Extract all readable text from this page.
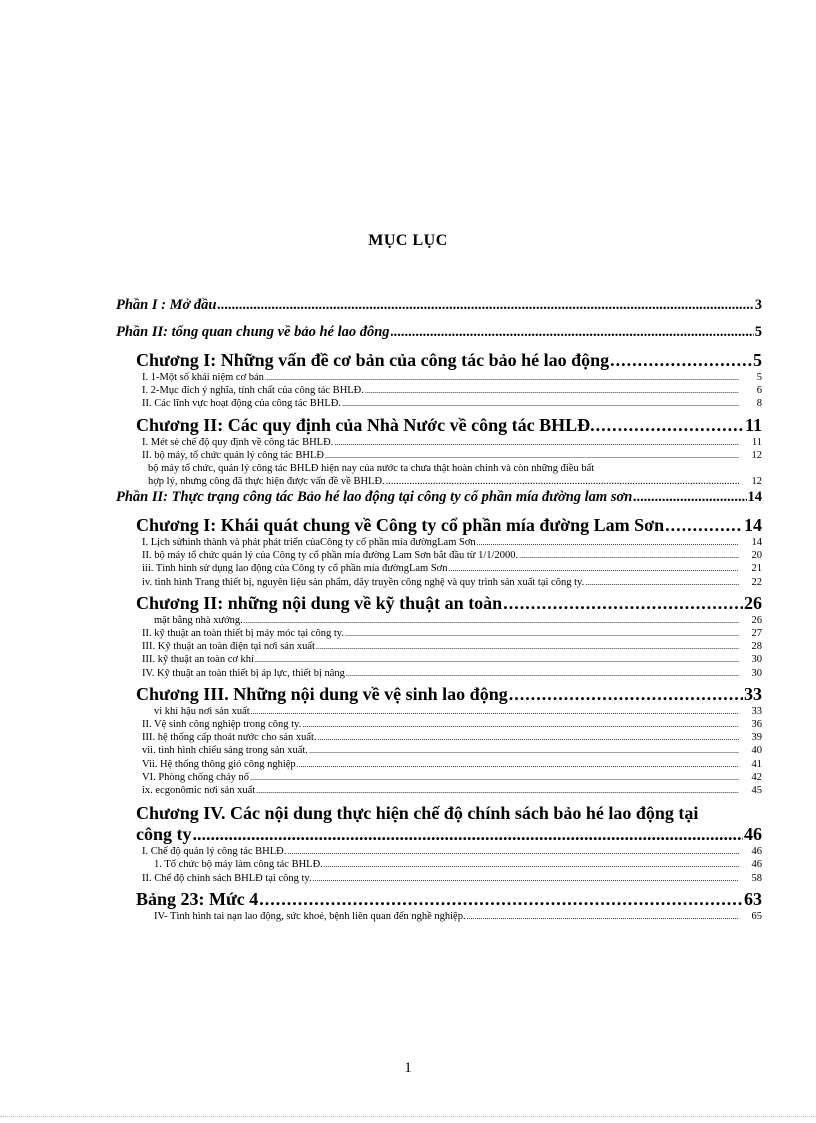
MỤC LỤC
Phần I : Mở đầu .....	3
Phần II: tổng quan chung về bảo hé lao đông .....	5
Chương I: Những vấn đề cơ bản của công tác bảo hé lao động .....	5
I. 1-Một số khái niệm cơ bản .....	5
I. 2-Mục đích ý nghĩa, tính chất của công tác BHLĐ. .....	6
II. Các lĩnh vực hoạt động của công tác BHLĐ. .....	8
Chương II: Các quy định của Nhà Nước về công tác BHLĐ. .....	11
I. Mét sè chế độ quy định về công tác BHLĐ. .....	11
II. bộ máy, tổ chức quản lý công tác BHLĐ .....	12
bộ máy tổ chức, quản lý công tác BHLĐ hiện nay của nước ta chưa thật hoàn chỉnh và còn những điều bất
hợp lý, nhưng công đã thực hiện được vấn đề về BHLĐ. .....	12
Phần II: Thực trạng công tác Bảo hé lao động tại công ty cổ phần mía đường lam sơn .....	14
Chương I: Khái quát chung về Công ty cổ phần mía đường Lam Sơn .....	14
I. Lịch sửhình thành và phát phát triển củaCông ty cổ phần mía đườngLam Sơn .....	14
II. bộ máy tổ chức quản lý của Công ty cổ phần mía đường Lam Sơn bắt đầu từ 1/1/2000. .....	20
iii. Tình hình sử dụng lao động của Công ty cổ phần mía đườngLam Sơn .....	21
iv. tình hình Trang thiết bị, nguyên liệu sản phẩm, dây truyền công nghệ và quy trình sản xuất tại công ty. .....	22
Chương II: những nội dung về kỹ thuật an toàn .....	26
mặt bằng nhà xưởng. .....	26
II. kỹ thuật an toàn thiết bị máy móc tại công ty. .....	27
III. Kỹ thuật an toàn điện tại nơi sản xuất .....	28
III. kỹ thuật an toàn cơ khí .....	30
IV. Kỹ thuật an toàn thiết bị áp lực, thiết bị nâng .....	30
Chương III. Những nội dung về vệ sinh lao động .....	33
vi khí hậu nơi sản xuất .....	33
II. Vệ sinh công nghiệp trong công ty. .....	36
III. hệ thống cấp thoát nước cho sản xuất. .....	39
vii. tình hình chiếu sáng trong sản xuất. .....	40
Vii. Hệ thống thông gió công nghiệp .....	41
VI. Phòng chống cháy nổ .....	42
ix. ecgonômic nơi sản xuất .....	45
Chương IV. Các nội dung thực hiện chế độ chính sách bảo hé lao động tại
công ty .....	46
I. Chế độ quản lý công tác BHLĐ. .....	46
1. Tổ chức bộ máy làm công tác BHLĐ. .....	46
II. Chế độ chính sách BHLĐ tại công ty. .....	58
Bảng 23: Mức 4 .....	63
IV- Tình hình tai nạn lao động, sức khoẻ, bệnh liên quan đến nghề nghiệp. .....	65
1
